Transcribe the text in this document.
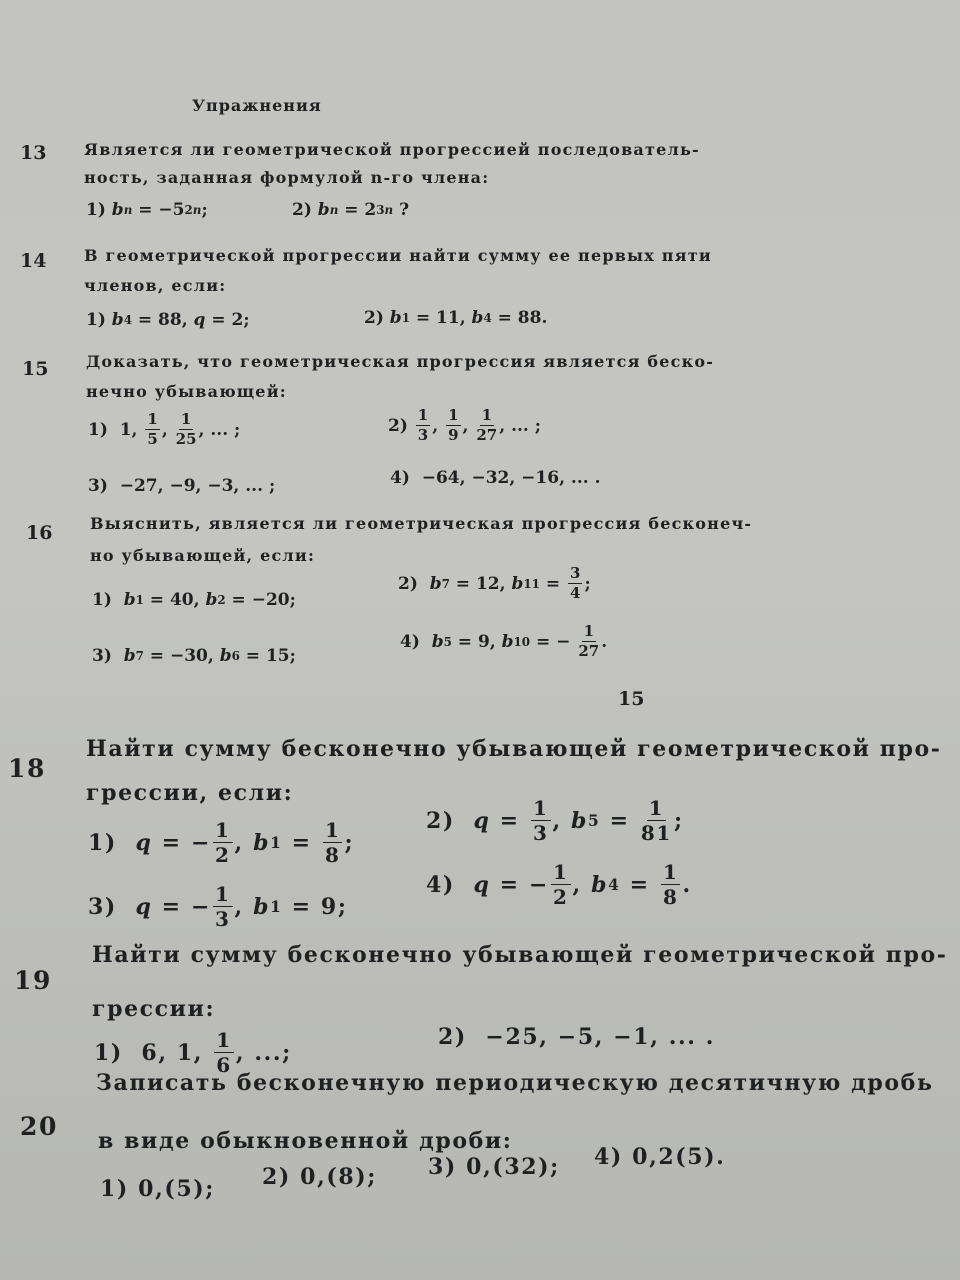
Упражнения
13 Является ли геометрической прогрессией последователь-
ность, заданная формулой n-го члена:
1) b n = −5 2n ;	2) b n = 2 3n ?
14 В геометрической прогрессии найти сумму ее первых пяти
членов, если:
1) b 4 = 88, q = 2;	2) b 1 = 11, b 4 = 88.
15 Доказать, что геометрическая прогрессия является беско-
нечно убывающей:
1)  1, $\frac{1}{5}$ , $\frac{1}{25}$ , ... ;	$2) \frac{1}{3}$ , $\frac{1}{9}$ , $\frac{1}{27}$ , ... ;
3)  −27, −9, −3, ... ;	4)  −64, −32, −16, ... .
16 Выяснить, является ли геометрическая прогрессия бесконеч-
но убывающей, если:
1) b 1 = 40, b 2 = −20;
2) b 7 = 12, b $11 = \frac{3}{4}$ ;
3) b 7 = −30, b 6 = 15;
4) b 5 = 9, b 10 = − $\frac{1}{27}$ .
15
18
Найти сумму бесконечно убывающей геометрической про-
грессии, если:
1) q = − $\frac{1}{2}$ , b $1 = \frac{1}{8}$ ;
2) $q = \frac{1}{3}$ , b $5 = \frac{1}{81}$ ;
3) q = − $\frac{1}{3}$ , b 1 = 9;
4) q = − $\frac{1}{2}$ , b $4 = \frac{1}{8}$ .
19
Найти сумму бесконечно убывающей геометрической про-
грессии:
1)  6, 1, $\frac{1}{6}$ , ...;
2)  −25, −5, −1, ... .
20
Записать бесконечную периодическую десятичную дробь
в виде обыкновенной дроби:
1) 0,(5); 2) 0,(8); 3) 0,(32); 4) 0,2(5).
